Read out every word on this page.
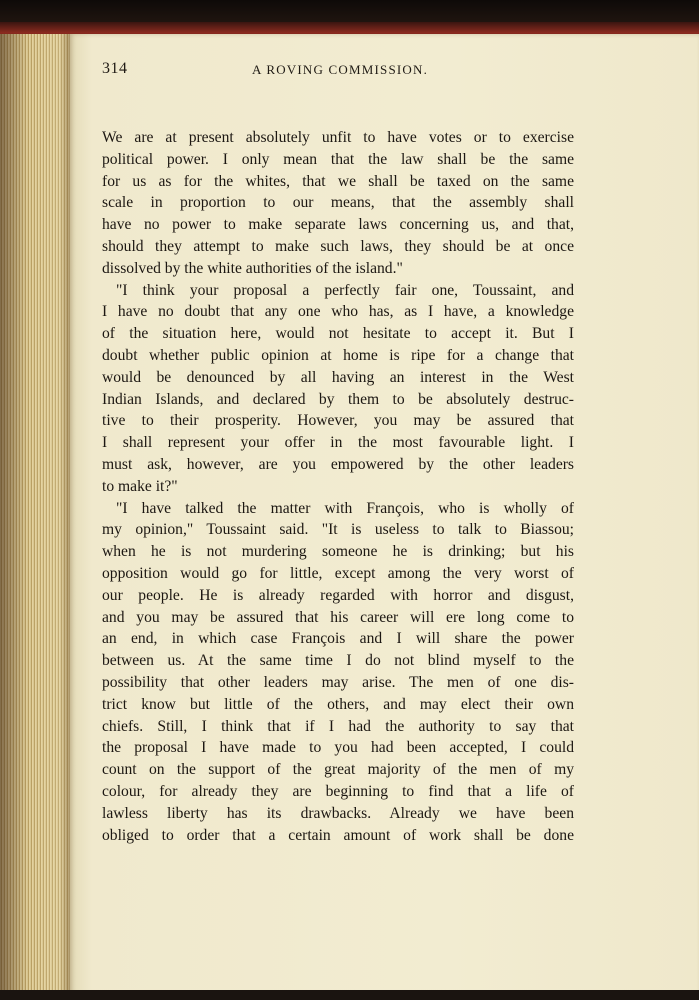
314	A ROVING COMMISSION.
We are at present absolutely unfit to have votes or to exercise
political power. I only mean that the law shall be the same
for us as for the whites, that we shall be taxed on the same
scale in proportion to our means, that the assembly shall
have no power to make separate laws concerning us, and that,
should they attempt to make such laws, they should be at once
dissolved by the white authorities of the island."
"I think your proposal a perfectly fair one, Toussaint, and
I have no doubt that any one who has, as I have, a knowledge
of the situation here, would not hesitate to accept it. But I
doubt whether public opinion at home is ripe for a change that
would be denounced by all having an interest in the West
Indian Islands, and declared by them to be absolutely destruc-
tive to their prosperity. However, you may be assured that
I shall represent your offer in the most favourable light. I
must ask, however, are you empowered by the other leaders
to make it?"
"I have talked the matter with François, who is wholly of
my opinion," Toussaint said. "It is useless to talk to Biassou;
when he is not murdering someone he is drinking; but his
opposition would go for little, except among the very worst of
our people. He is already regarded with horror and disgust,
and you may be assured that his career will ere long come to
an end, in which case François and I will share the power
between us. At the same time I do not blind myself to the
possibility that other leaders may arise. The men of one dis-
trict know but little of the others, and may elect their own
chiefs. Still, I think that if I had the authority to say that
the proposal I have made to you had been accepted, I could
count on the support of the great majority of the men of my
colour, for already they are beginning to find that a life of
lawless liberty has its drawbacks. Already we have been
obliged to order that a certain amount of work shall be done
